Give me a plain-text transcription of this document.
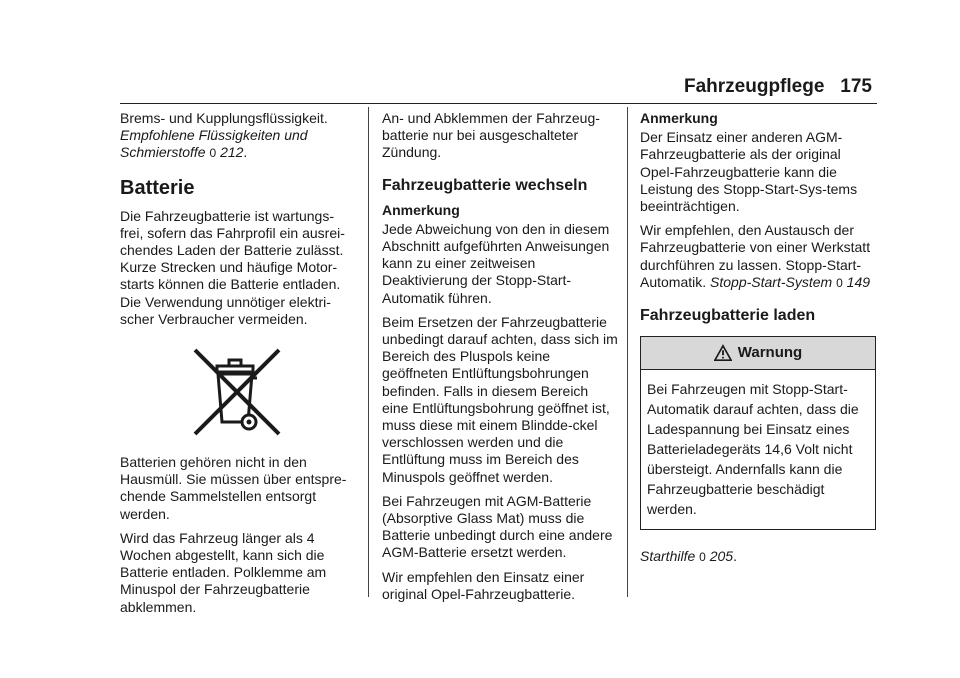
Fahrzeugpflege 175

Brems- und Kupplungsflüssigkeit.
Empfohlene Flüssigkeiten und Schmierstoffe 0 212.

Batterie

Die Fahrzeugbatterie ist wartungs-frei, sofern das Fahrprofil ein ausrei-chendes Laden der Batterie zulässt. Kurze Strecken und häufige Motor-starts können die Batterie entladen. Die Verwendung unnötiger elektri-scher Verbraucher vermeiden.

Batterien gehören nicht in den Hausmüll. Sie müssen über entspre-chende Sammelstellen entsorgt werden.

Wird das Fahrzeug länger als 4 Wochen abgestellt, kann sich die Batterie entladen. Polklemme am Minuspol der Fahrzeugbatterie abklemmen.

An- und Abklemmen der Fahrzeug-batterie nur bei ausgeschalteter Zündung.

Fahrzeugbatterie wechseln
Anmerkung

Jede Abweichung von den in diesem Abschnitt aufgeführten Anweisungen kann zu einer zeitweisen Deaktivierung der Stopp-Start-Automatik führen.

Beim Ersetzen der Fahrzeugbatterie unbedingt darauf achten, dass sich im Bereich des Pluspols keine geöffneten Entlüftungsbohrungen befinden. Falls in diesem Bereich eine Entlüftungsbohrung geöffnet ist, muss diese mit einem Blindde-ckel verschlossen werden und die Entlüftung muss im Bereich des Minuspols geöffnet werden.

Bei Fahrzeugen mit AGM-Batterie (Absorptive Glass Mat) muss die Batterie unbedingt durch eine andere AGM-Batterie ersetzt werden.

Wir empfehlen den Einsatz einer original Opel-Fahrzeugbatterie.

Anmerkung

Der Einsatz einer anderen AGM-Fahrzeugbatterie als der original Opel-Fahrzeugbatterie kann die Leistung des Stopp-Start-Sys-tems beeinträchtigen.

Wir empfehlen, den Austausch der Fahrzeugbatterie von einer Werkstatt durchführen zu lassen. Stopp-Start-Automatik. Stopp-Start-System 0 149

Fahrzeugbatterie laden
Warnung
Bei Fahrzeugen mit Stopp-Start-Automatik darauf achten, dass die Ladespannung bei Einsatz eines Batterieladegeräts 14,6 Volt nicht übersteigt. Andernfalls kann die Fahrzeugbatterie beschädigt werden.

Starthilfe 0 205.
